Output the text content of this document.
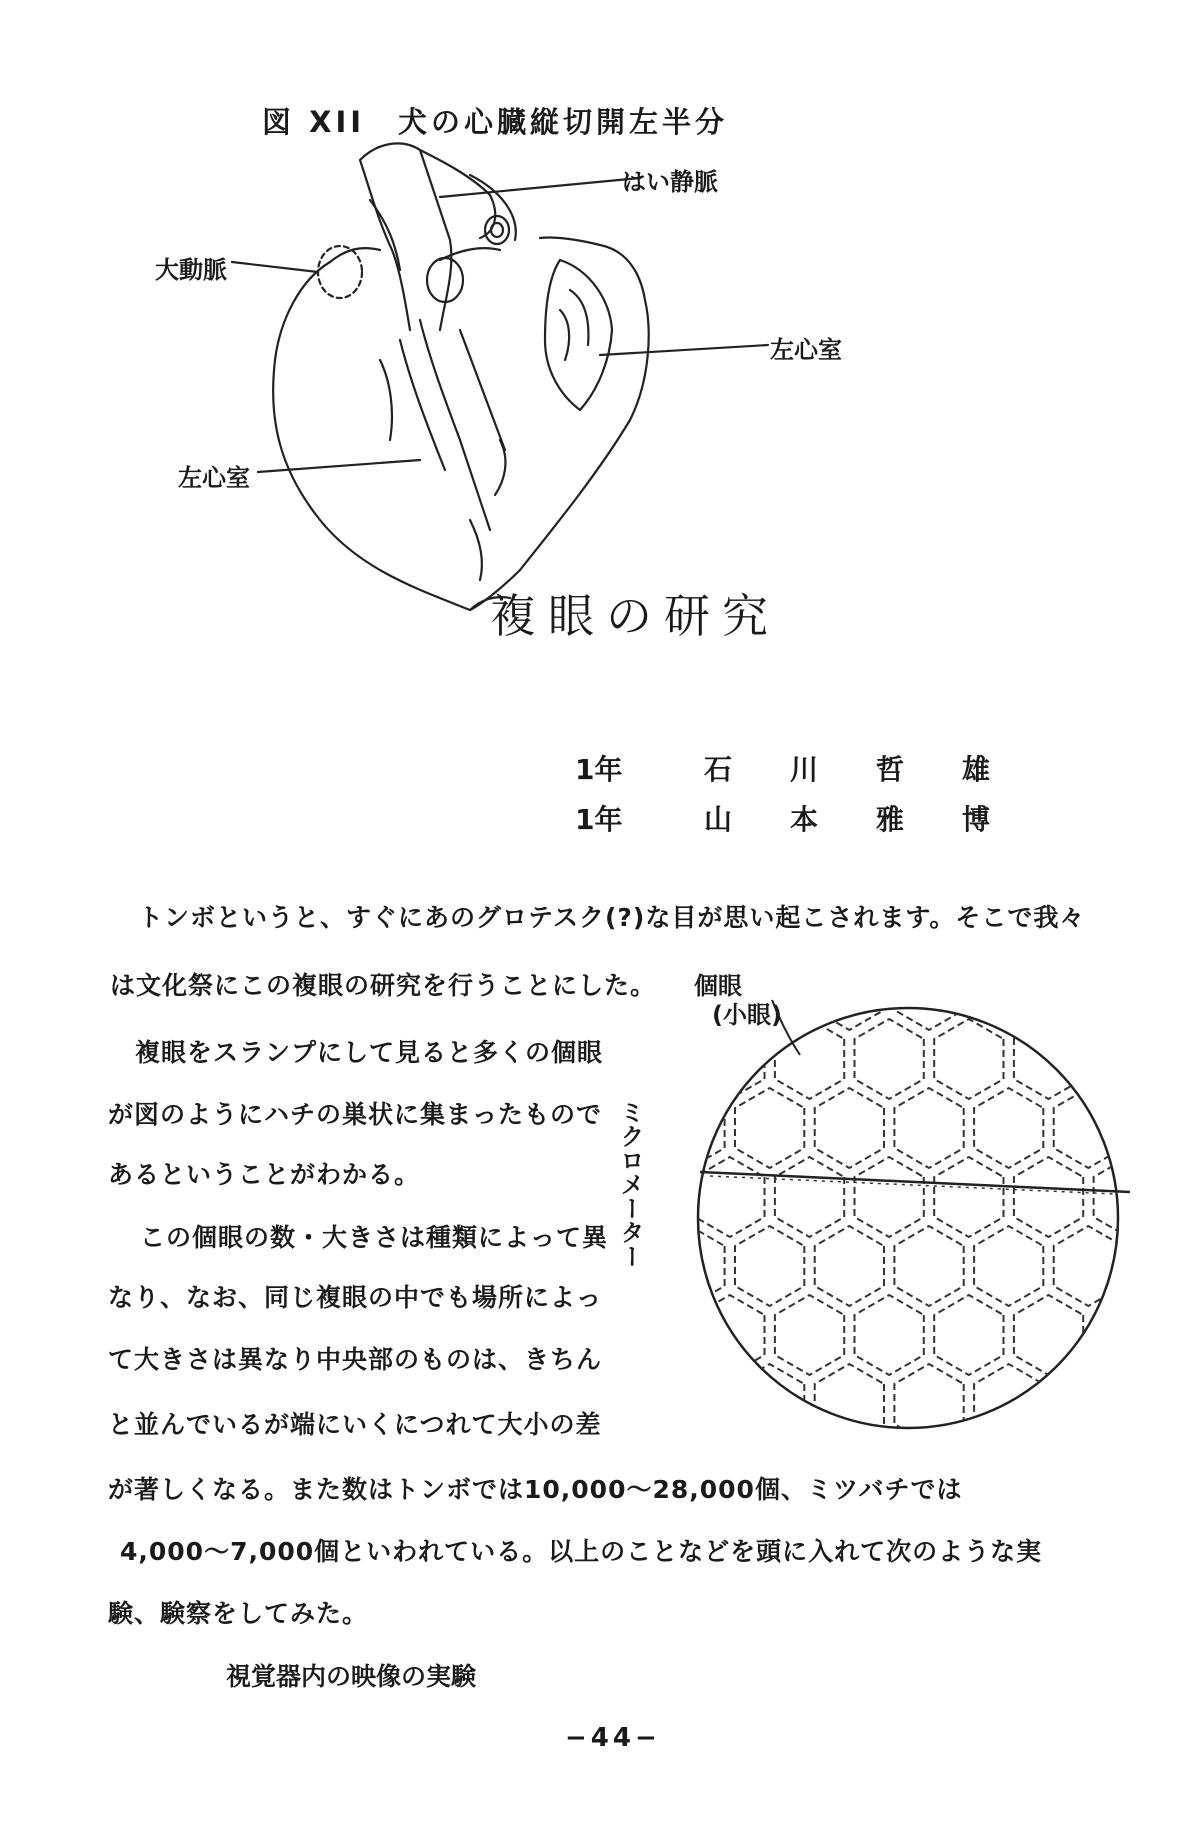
図 XII　犬の心臓縦切開左半分
はい静脈
大動脈
左心室
左心室
複眼の研究
1年	石 川 哲 雄
1年	山 本 雅 博
トンボというと、すぐにあのグロテスク(?)な目が思い起こされます。そこで我々
は文化祭にこの複眼の研究を行うことにした。 個眼
(小眼)
複眼をスランプにして見ると多くの個眼
が図のようにハチの巣状に集まったもので
あるということがわかる。	ミクロメーター
この個眼の数・大きさは種類によって異
なり、なお、同じ複眼の中でも場所によっ
て大きさは異なり中央部のものは、きちん
と並んでいるが端にいくにつれて大小の差
が著しくなる。また数はトンボでは10,000〜28,000個、ミツバチでは
4,000〜7,000個といわれている。以上のことなどを頭に入れて次のような実
験、験察をしてみた。
視覚器内の映像の実験
−44−
